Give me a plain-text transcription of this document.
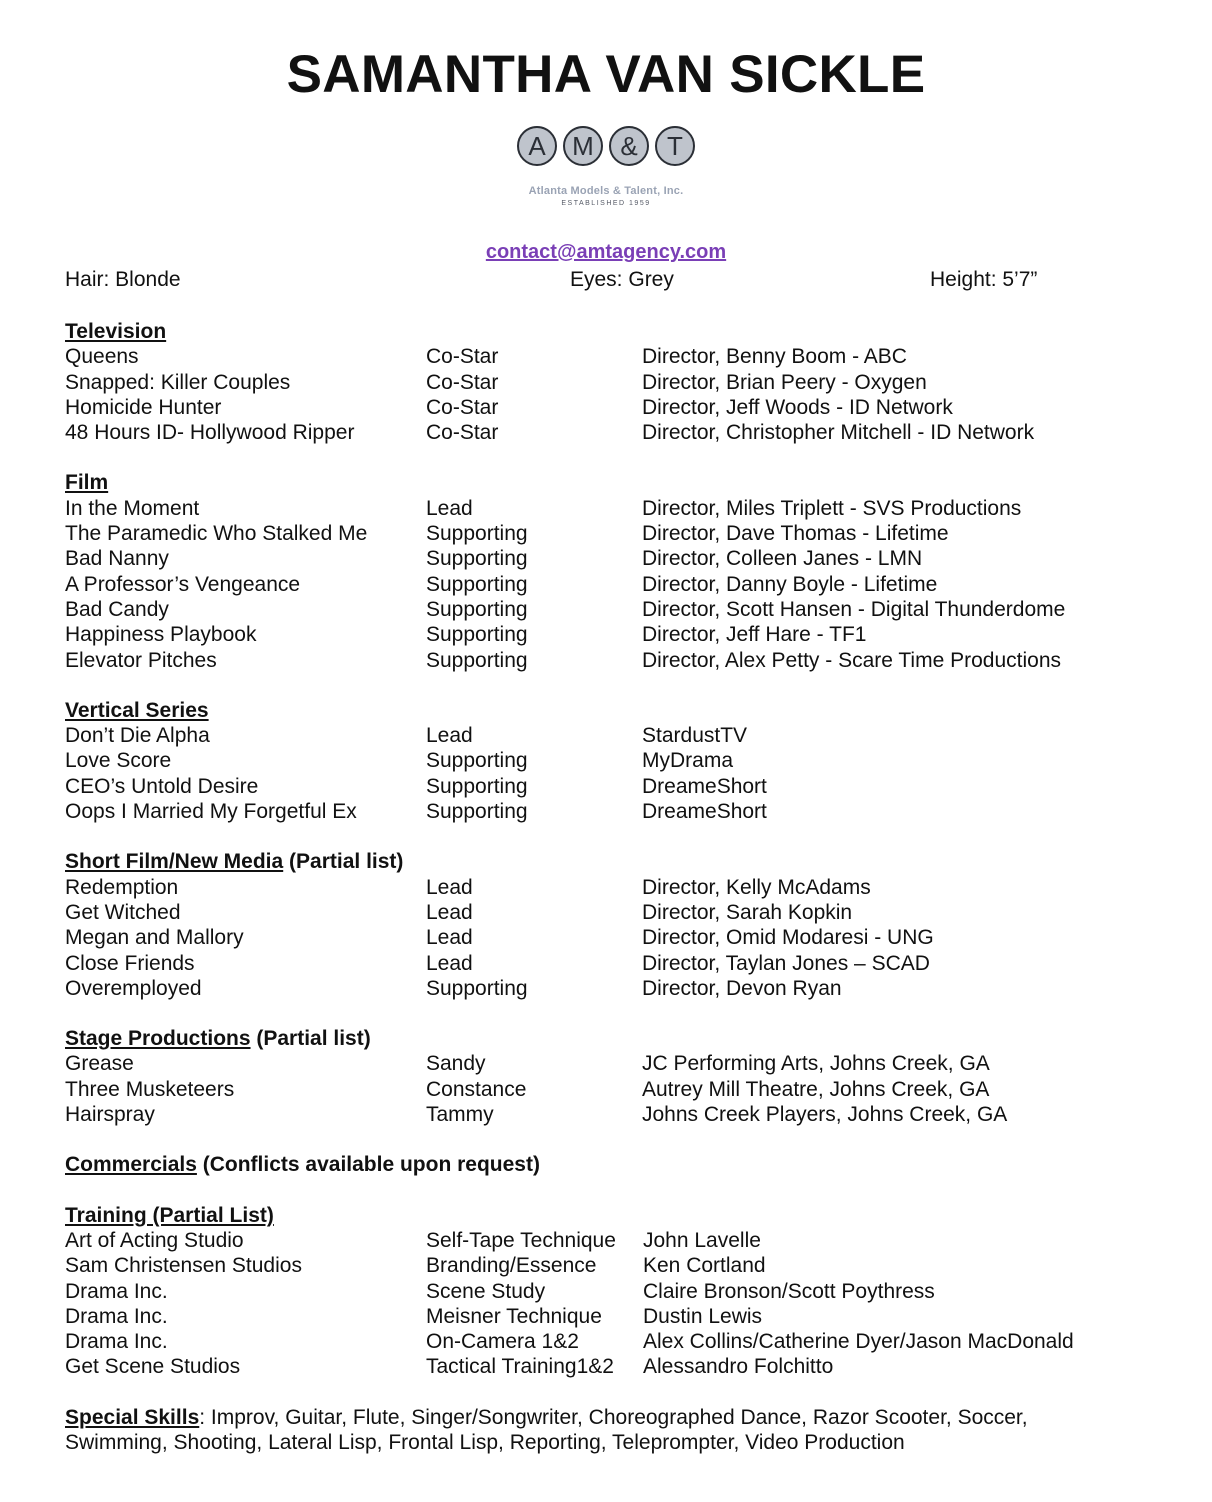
SAMANTHA VAN SICKLE
A	M	&	T
Atlanta Models & Talent, Inc.
ESTABLISHED 1959
contact@amtagency.com
Hair: Blonde	Eyes: Grey	Height: 5’7”
Television
Queens	Co-Star	Director, Benny Boom - ABC
Snapped: Killer Couples	Co-Star	Director, Brian Peery - Oxygen
Homicide Hunter	Co-Star	Director, Jeff Woods - ID Network
48 Hours ID- Hollywood Ripper	Co-Star	Director, Christopher Mitchell - ID Network
Film
In the Moment	Lead	Director, Miles Triplett - SVS Productions
The Paramedic Who Stalked Me	Supporting	Director, Dave Thomas - Lifetime
Bad Nanny	Supporting	Director, Colleen Janes - LMN
A Professor’s Vengeance	Supporting	Director, Danny Boyle - Lifetime
Bad Candy	Supporting	Director, Scott Hansen - Digital Thunderdome
Happiness Playbook	Supporting	Director, Jeff Hare - TF1
Elevator Pitches	Supporting	Director, Alex Petty - Scare Time Productions
Vertical Series
Don’t Die Alpha	Lead	StardustTV
Love Score	Supporting	MyDrama
CEO’s Untold Desire	Supporting	DreameShort
Oops I Married My Forgetful Ex	Supporting	DreameShort
Short Film/New Media (Partial list)
Redemption	Lead	Director, Kelly McAdams
Get Witched	Lead	Director, Sarah Kopkin
Megan and Mallory	Lead	Director, Omid Modaresi - UNG
Close Friends	Lead	Director, Taylan Jones – SCAD
Overemployed	Supporting	Director, Devon Ryan
Stage Productions (Partial list)
Grease	Sandy	JC Performing Arts, Johns Creek, GA
Three Musketeers	Constance	Autrey Mill Theatre, Johns Creek, GA
Hairspray	Tammy	Johns Creek Players, Johns Creek, GA
Commercials (Conflicts available upon request)
Training (Partial List)
Art of Acting Studio	Self-Tape Technique	John Lavelle
Sam Christensen Studios	Branding/Essence	Ken Cortland
Drama Inc.	Scene Study	Claire Bronson/Scott Poythress
Drama Inc.	Meisner Technique	Dustin Lewis
Drama Inc.	On-Camera 1&2	Alex Collins/Catherine Dyer/Jason MacDonald
Get Scene Studios	Tactical Training1&2	Alessandro Folchitto
Special Skills: Improv, Guitar, Flute, Singer/Songwriter, Choreographed Dance, Razor Scooter, Soccer,
Swimming, Shooting, Lateral Lisp, Frontal Lisp, Reporting, Teleprompter, Video Production
